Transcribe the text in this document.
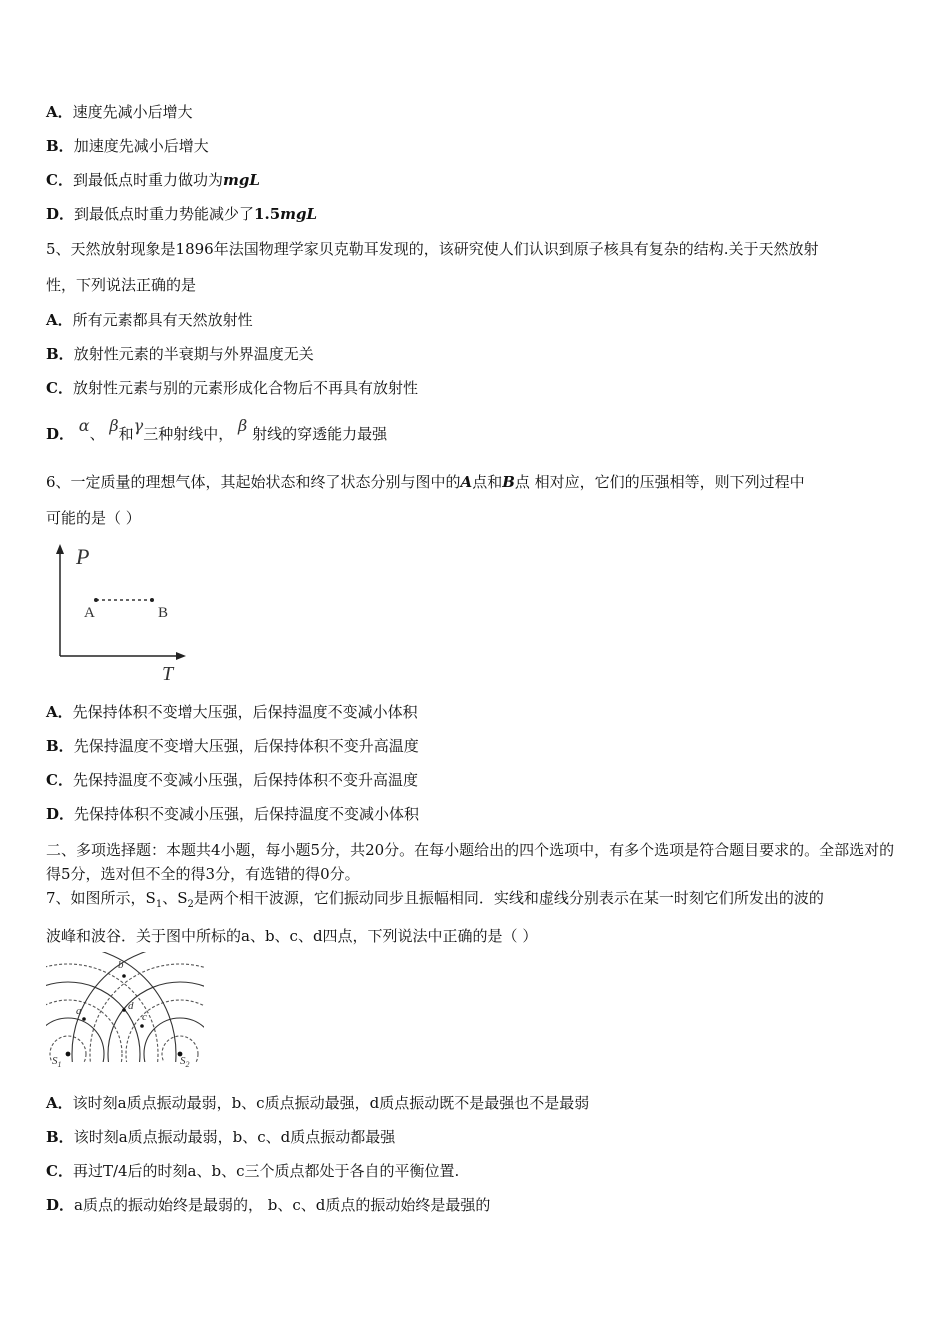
A．速度先减小后增大
B．加速度先减小后增大
C．到最低点时重力做功为mgL
D．到最低点时重力势能减少了1.5mgL
5、天然放射现象是1896年法国物理学家贝克勒耳发现的，该研究使人们认识到原子核具有复杂的结构.关于天然放射
性，下列说法正确的是
A．所有元素都具有天然放射性
B．放射性元素的半衰期与外界温度无关
C．放射性元素与别的元素形成化合物后不再具有放射性
D． α、 β和γ三种射线中， β 射线的穿透能力最强
6、一定质量的理想气体，其起始状态和终了状态分别与图中的A点和B点 相对应，它们的压强相等，则下列过程中
可能的是（ ）
P
T
A	B
A．先保持体积不变增大压强，后保持温度不变减小体积
B．先保持温度不变增大压强，后保持体积不变升高温度
C．先保持温度不变减小压强，后保持体积不变升高温度
D．先保持体积不变减小压强，后保持温度不变减小体积
二、多项选择题：本题共4小题，每小题5分，共20分。在每小题给出的四个选项中，有多个选项是符合题目要求的。全部选对的得5分，选对但不全的得3分，有选错的得0分。
7、如图所示，$S_1$、$S_2$是两个相干波源，它们振动同步且振幅相同．实线和虚线分别表示在某一时刻它们所发出的波的
波峰和波谷．关于图中所标的a、b、c、d四点，下列说法中正确的是（ ）
b
a	d
c
$S_1$	$S_2$
A．该时刻a质点振动最弱，b、c质点振动最强，d质点振动既不是最强也不是最弱
B．该时刻a质点振动最弱，b、c、d质点振动都最强
C．再过T/4后的时刻a、b、c三个质点都处于各自的平衡位置.
D．a质点的振动始终是最弱的， b、c、d质点的振动始终是最强的
